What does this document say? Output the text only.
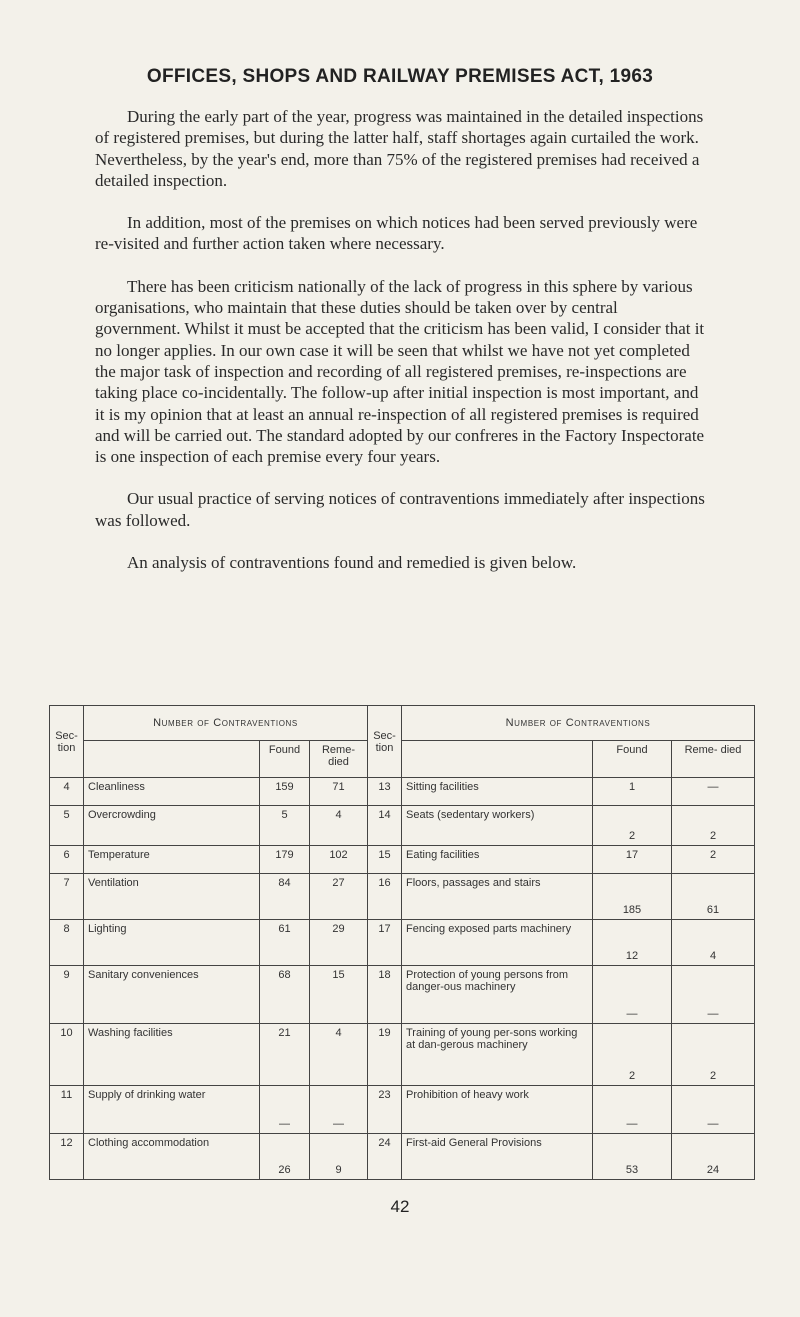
OFFICES, SHOPS AND RAILWAY PREMISES ACT, 1963

During the early part of the year, progress was maintained in the detailed inspections of registered premises, but during the latter half, staff shortages again curtailed the work. Nevertheless, by the year's end, more than 75% of the registered premises had received a detailed inspection.

In addition, most of the premises on which notices had been served previously were re-visited and further action taken where necessary.

There has been criticism nationally of the lack of progress in this sphere by various organisations, who maintain that these duties should be taken over by central government. Whilst it must be accepted that the criticism has been valid, I consider that it no longer applies. In our own case it will be seen that whilst we have not yet completed the major task of inspection and recording of all registered premises, re-inspections are taking place co-incidentally. The follow-up after initial inspection is most important, and it is my opinion that at least an annual re-inspection of all registered premises is required and will be carried out. The standard adopted by our confreres in the Factory Inspectorate is one inspection of each premise every four years.

Our usual practice of serving notices of contraventions immediately after inspections was followed.

An analysis of contraventions found and remedied is given below.

Sec- tion	Number of Contraventions			Sec- tion	Number of Contraventions		
		Found	Reme- died			Found	Reme- died
4	Cleanliness	159	71	13	Sitting facilities	1	—
5	Overcrowding	5	4	14	Seats (sedentary workers)	2	2
6	Temperature	179	102	15	Eating facilities	17	2
7	Ventilation	84	27	16	Floors, passages and stairs	185	61
8	Lighting	61	29	17	Fencing exposed parts machinery	12	4
9	Sanitary conveniences	68	15	18	Protection of young persons from danger-ous machinery	—	—
10	Washing facilities	21	4	19	Training of young per-sons working at dan-gerous machinery	2	2
11	Supply of drinking water	—	—	23	Prohibition of heavy work	—	—
12	Clothing accommodation	26	9	24	First-aid General Provisions	53	24
42
